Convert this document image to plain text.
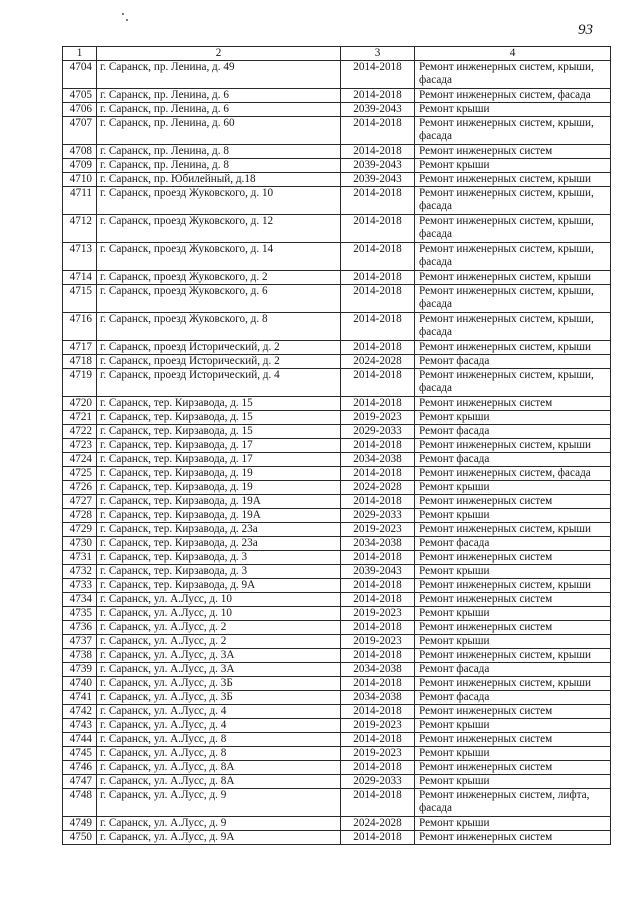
93
1	2	3	4
4704	г. Саранск, пр. Ленина, д. 49	2014-2018	Ремонт инженерных систем, крыши, фасада
4705	г. Саранск, пр. Ленина, д. 6	2014-2018	Ремонт инженерных систем, фасада
4706	г. Саранск, пр. Ленина, д. 6	2039-2043	Ремонт крыши
4707	г. Саранск, пр. Ленина, д. 60	2014-2018	Ремонт инженерных систем, крыши, фасада
4708	г. Саранск, пр. Ленина, д. 8	2014-2018	Ремонт инженерных систем
4709	г. Саранск, пр. Ленина, д. 8	2039-2043	Ремонт крыши
4710	г. Саранск, пр. Юбилейный, д.18	2039-2043	Ремонт инженерных систем, крыши
4711	г. Саранск, проезд Жуковского, д. 10	2014-2018	Ремонт инженерных систем, крыши, фасада
4712	г. Саранск, проезд Жуковского, д. 12	2014-2018	Ремонт инженерных систем, крыши, фасада
4713	г. Саранск, проезд Жуковского, д. 14	2014-2018	Ремонт инженерных систем, крыши, фасада
4714	г. Саранск, проезд Жуковского, д. 2	2014-2018	Ремонт инженерных систем, крыши
4715	г. Саранск, проезд Жуковского, д. 6	2014-2018	Ремонт инженерных систем, крыши, фасада
4716	г. Саранск, проезд Жуковского, д. 8	2014-2018	Ремонт инженерных систем, крыши, фасада
4717	г. Саранск, проезд Исторический, д. 2	2014-2018	Ремонт инженерных систем, крыши
4718	г. Саранск, проезд Исторический, д. 2	2024-2028	Ремонт фасада
4719	г. Саранск, проезд Исторический, д. 4	2014-2018	Ремонт инженерных систем, крыши, фасада
4720	г. Саранск, тер. Кирзавода, д. 15	2014-2018	Ремонт инженерных систем
4721	г. Саранск, тер. Кирзавода, д. 15	2019-2023	Ремонт крыши
4722	г. Саранск, тер. Кирзавода, д. 15	2029-2033	Ремонт фасада
4723	г. Саранск, тер. Кирзавода, д. 17	2014-2018	Ремонт инженерных систем, крыши
4724	г. Саранск, тер. Кирзавода, д. 17	2034-2038	Ремонт фасада
4725	г. Саранск, тер. Кирзавода, д. 19	2014-2018	Ремонт инженерных систем, фасада
4726	г. Саранск, тер. Кирзавода, д. 19	2024-2028	Ремонт крыши
4727	г. Саранск, тер. Кирзавода, д. 19А	2014-2018	Ремонт инженерных систем
4728	г. Саранск, тер. Кирзавода, д. 19А	2029-2033	Ремонт крыши
4729	г. Саранск, тер. Кирзавода, д. 23а	2019-2023	Ремонт инженерных систем, крыши
4730	г. Саранск, тер. Кирзавода, д. 23а	2034-2038	Ремонт фасада
4731	г. Саранск, тер. Кирзавода, д. 3	2014-2018	Ремонт инженерных систем
4732	г. Саранск, тер. Кирзавода, д. 3	2039-2043	Ремонт крыши
4733	г. Саранск, тер. Кирзавода, д. 9А	2014-2018	Ремонт инженерных систем, крыши
4734	г. Саранск, ул. А.Лусс, д. 10	2014-2018	Ремонт инженерных систем
4735	г. Саранск, ул. А.Лусс, д. 10	2019-2023	Ремонт крыши
4736	г. Саранск, ул. А.Лусс, д. 2	2014-2018	Ремонт инженерных систем
4737	г. Саранск, ул. А.Лусс, д. 2	2019-2023	Ремонт крыши
4738	г. Саранск, ул. А.Лусс, д. 3А	2014-2018	Ремонт инженерных систем, крыши
4739	г. Саранск, ул. А.Лусс, д. 3А	2034-2038	Ремонт фасада
4740	г. Саранск, ул. А.Лусс, д. 3Б	2014-2018	Ремонт инженерных систем, крыши
4741	г. Саранск, ул. А.Лусс, д. 3Б	2034-2038	Ремонт фасада
4742	г. Саранск, ул. А.Лусс, д. 4	2014-2018	Ремонт инженерных систем
4743	г. Саранск, ул. А.Лусс, д. 4	2019-2023	Ремонт крыши
4744	г. Саранск, ул. А.Лусс, д. 8	2014-2018	Ремонт инженерных систем
4745	г. Саранск, ул. А.Лусс, д. 8	2019-2023	Ремонт крыши
4746	г. Саранск, ул. А.Лусс, д. 8А	2014-2018	Ремонт инженерных систем
4747	г. Саранск, ул. А.Лусс, д. 8А	2029-2033	Ремонт крыши
4748	г. Саранск, ул. А.Лусс, д. 9	2014-2018	Ремонт инженерных систем, лифта, фасада
4749	г. Саранск, ул. А.Лусс, д. 9	2024-2028	Ремонт крыши
4750	г. Саранск, ул. А.Лусс, д. 9А	2014-2018	Ремонт инженерных систем
